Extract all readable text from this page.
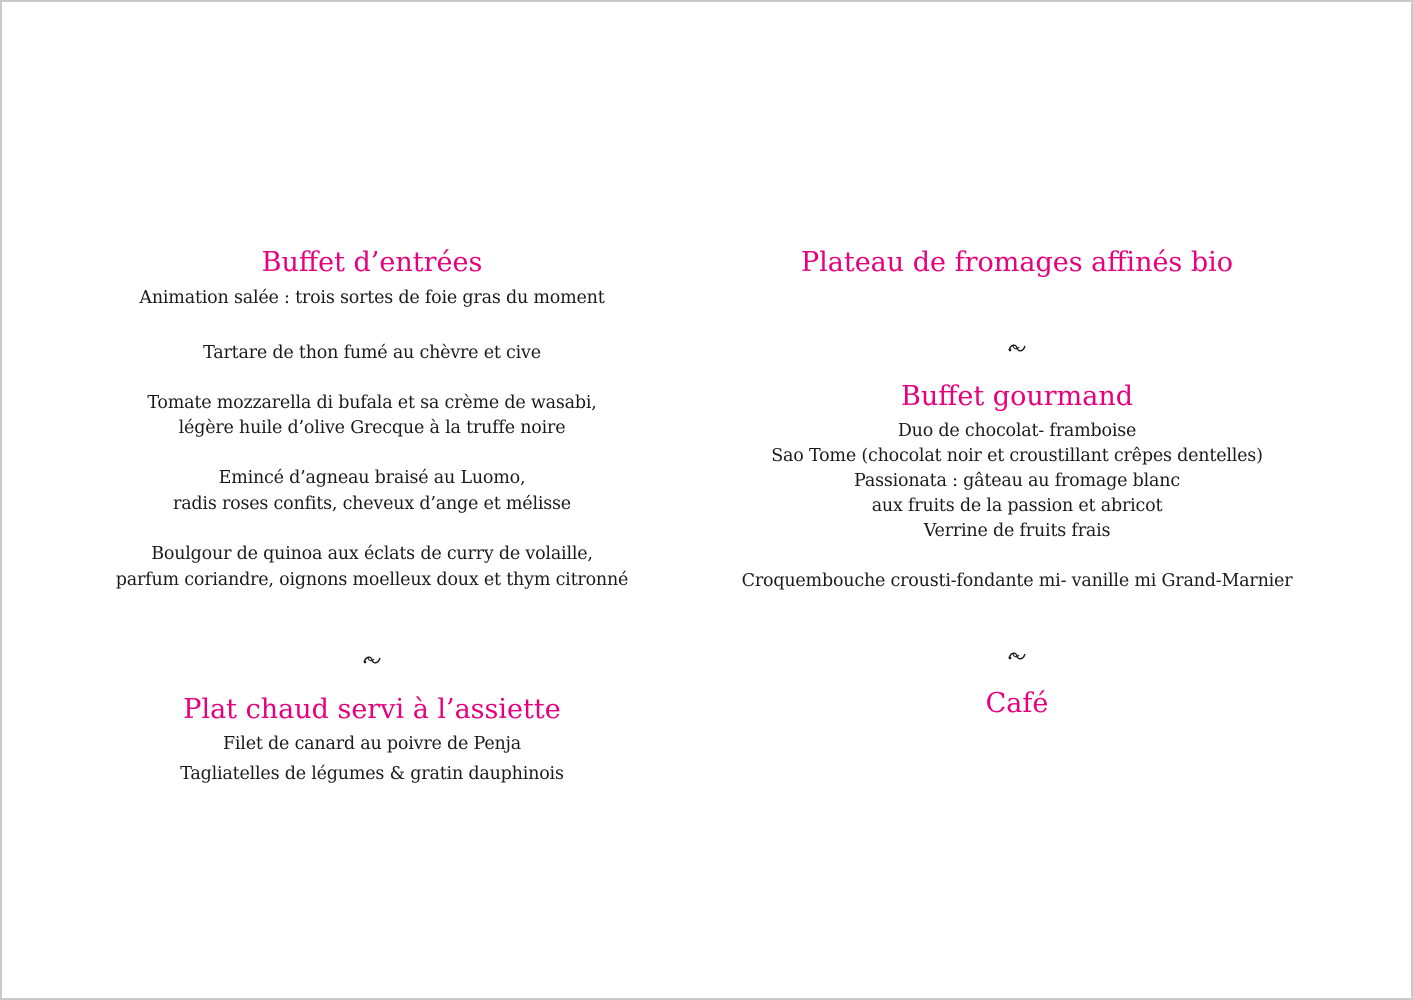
Buffet d’entrées
Animation salée : trois sortes de foie gras du moment
Tartare de thon fumé au chèvre et cive
Tomate mozzarella di bufala et sa crème de wasabi,
légère huile d’olive Grecque à la truffe noire
Emincé d’agneau braisé au Luomo,
radis roses confits, cheveux d’ange et mélisse
Boulgour de quinoa aux éclats de curry de volaille,
parfum coriandre, oignons moelleux doux et thym citronné
Plat chaud servi à l’assiette
Filet de canard au poivre de Penja
Tagliatelles de légumes & gratin dauphinois
Plateau de fromages affinés bio
Buffet gourmand
Duo de chocolat- framboise
Sao Tome (chocolat noir et croustillant crêpes dentelles)
Passionata : gâteau au fromage blanc
aux fruits de la passion et abricot
Verrine de fruits frais
Croquembouche crousti-fondante mi- vanille mi Grand-Marnier
Café
